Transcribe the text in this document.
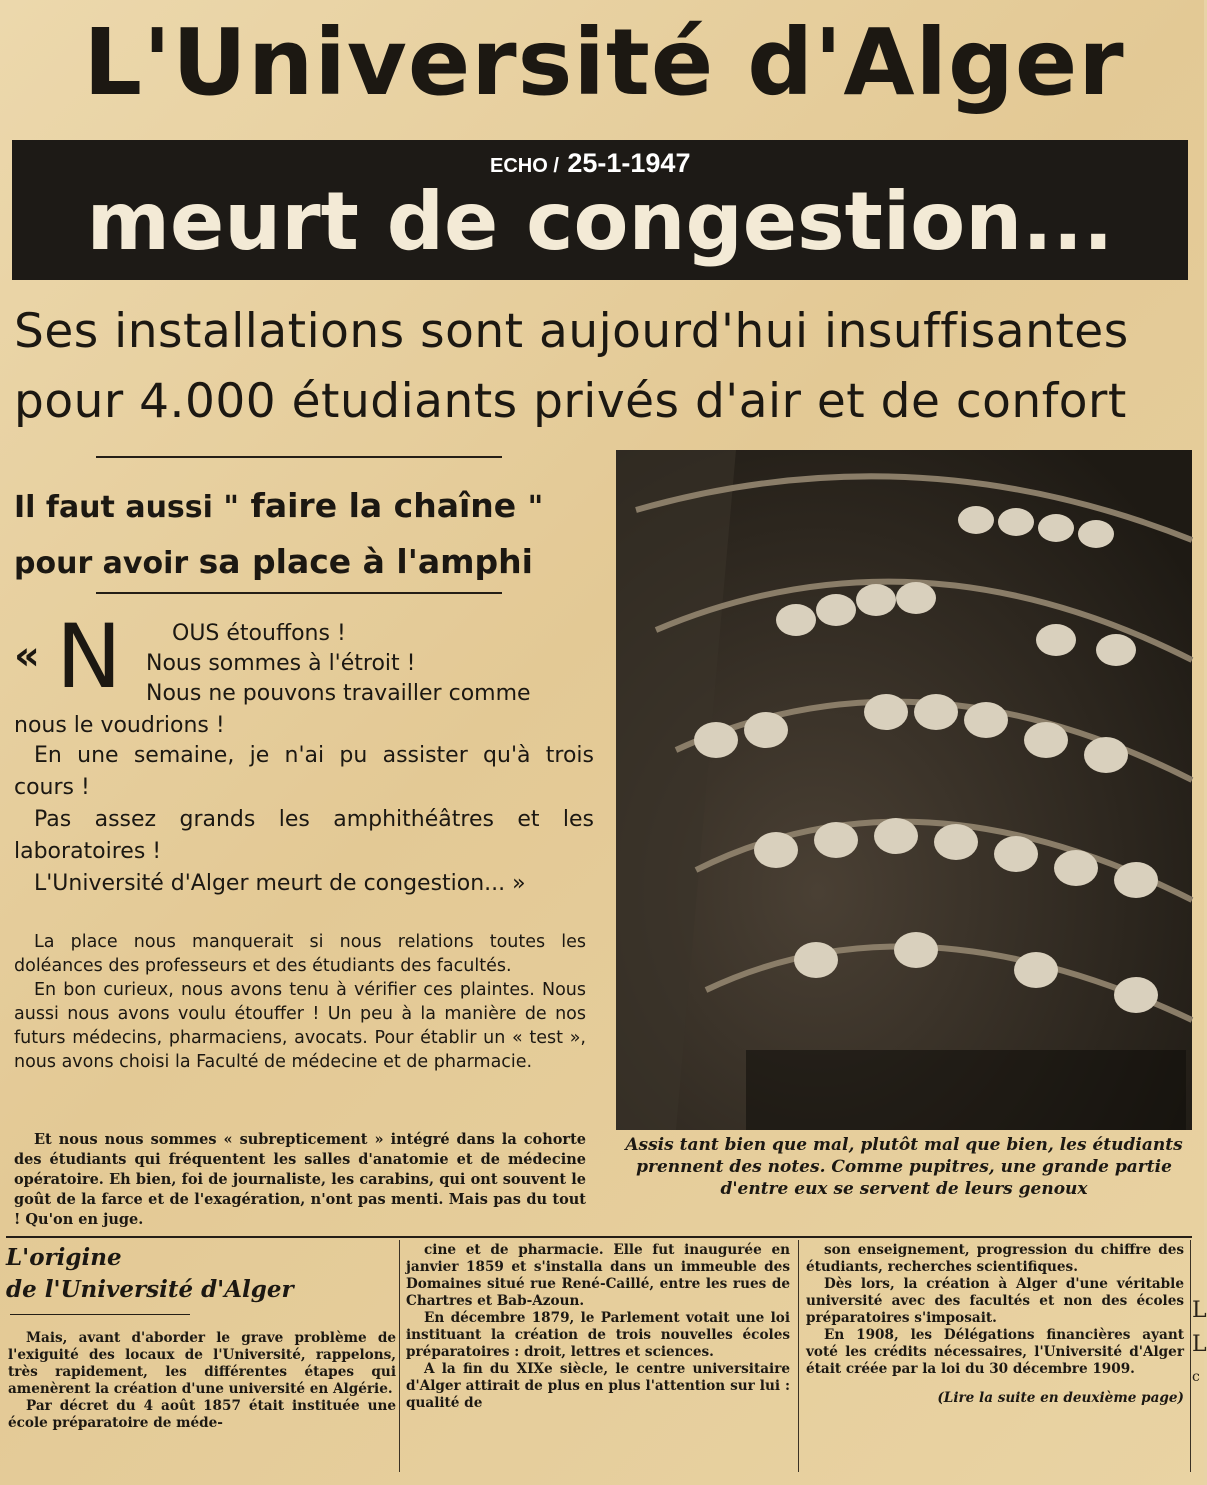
L'Université d'Alger
ECHO / 25-1-1947
meurt de congestion...
Ses installations sont aujourd'hui insuffisantes
pour 4.000 étudiants privés d'air et de confort
Il faut aussi " faire la chaîne "
pour avoir sa place à l'amphi
« N OUS étouffons !
Nous sommes à l'étroit !
Nous ne pouvons travailler comme
nous le voudrions !

En une semaine, je n'ai pu assister qu'à trois cours !

Pas assez grands les amphithéâtres et les laboratoires !

L'Université d'Alger meurt de congestion... »

La place nous manquerait si nous relations toutes les doléances des professeurs et des étudiants des facultés.

En bon curieux, nous avons tenu à vérifier ces plaintes. Nous aussi nous avons voulu étouffer ! Un peu à la manière de nos futurs médecins, pharmaciens, avocats. Pour établir un « test », nous avons choisi la Faculté de médecine et de pharmacie.

Et nous nous sommes « subrepticement » intégré dans la cohorte des étudiants qui fréquentent les salles d'anatomie et de médecine opératoire. Eh bien, foi de journaliste, les carabins, qui ont souvent le goût de la farce et de l'exagération, n'ont pas menti. Mais pas du tout ! Qu'on en juge.

Assis tant bien que mal, plutôt mal que bien, les étudiants prennent des notes. Comme pupitres, une grande partie d'entre eux se servent de leurs genoux

L'origine
de l'Université d'Alger

Mais, avant d'aborder le grave problème de l'exiguité des locaux de l'Université, rappelons, très rapidement, les différentes étapes qui amenèrent la création d'une université en Algérie.

Par décret du 4 août 1857 était instituée une école préparatoire de méde-

cine et de pharmacie. Elle fut inaugurée en janvier 1859 et s'installa dans un immeuble des Domaines situé rue René-Caillé, entre les rues de Chartres et Bab-Azoun.

En décembre 1879, le Parlement votait une loi instituant la création de trois nouvelles écoles préparatoires : droit, lettres et sciences.

A la fin du XIXe siècle, le centre universitaire d'Alger attirait de plus en plus l'attention sur lui : qualité de

son enseignement, progression du chiffre des étudiants, recherches scientifiques.

Dès lors, la création à Alger d'une véritable université avec des facultés et non des écoles préparatoires s'imposait.

En 1908, les Délégations financières ayant voté les crédits nécessaires, l'Université d'Alger était créée par la loi du 30 décembre 1909.

(Lire la suite en deuxième page)

L
L
c
